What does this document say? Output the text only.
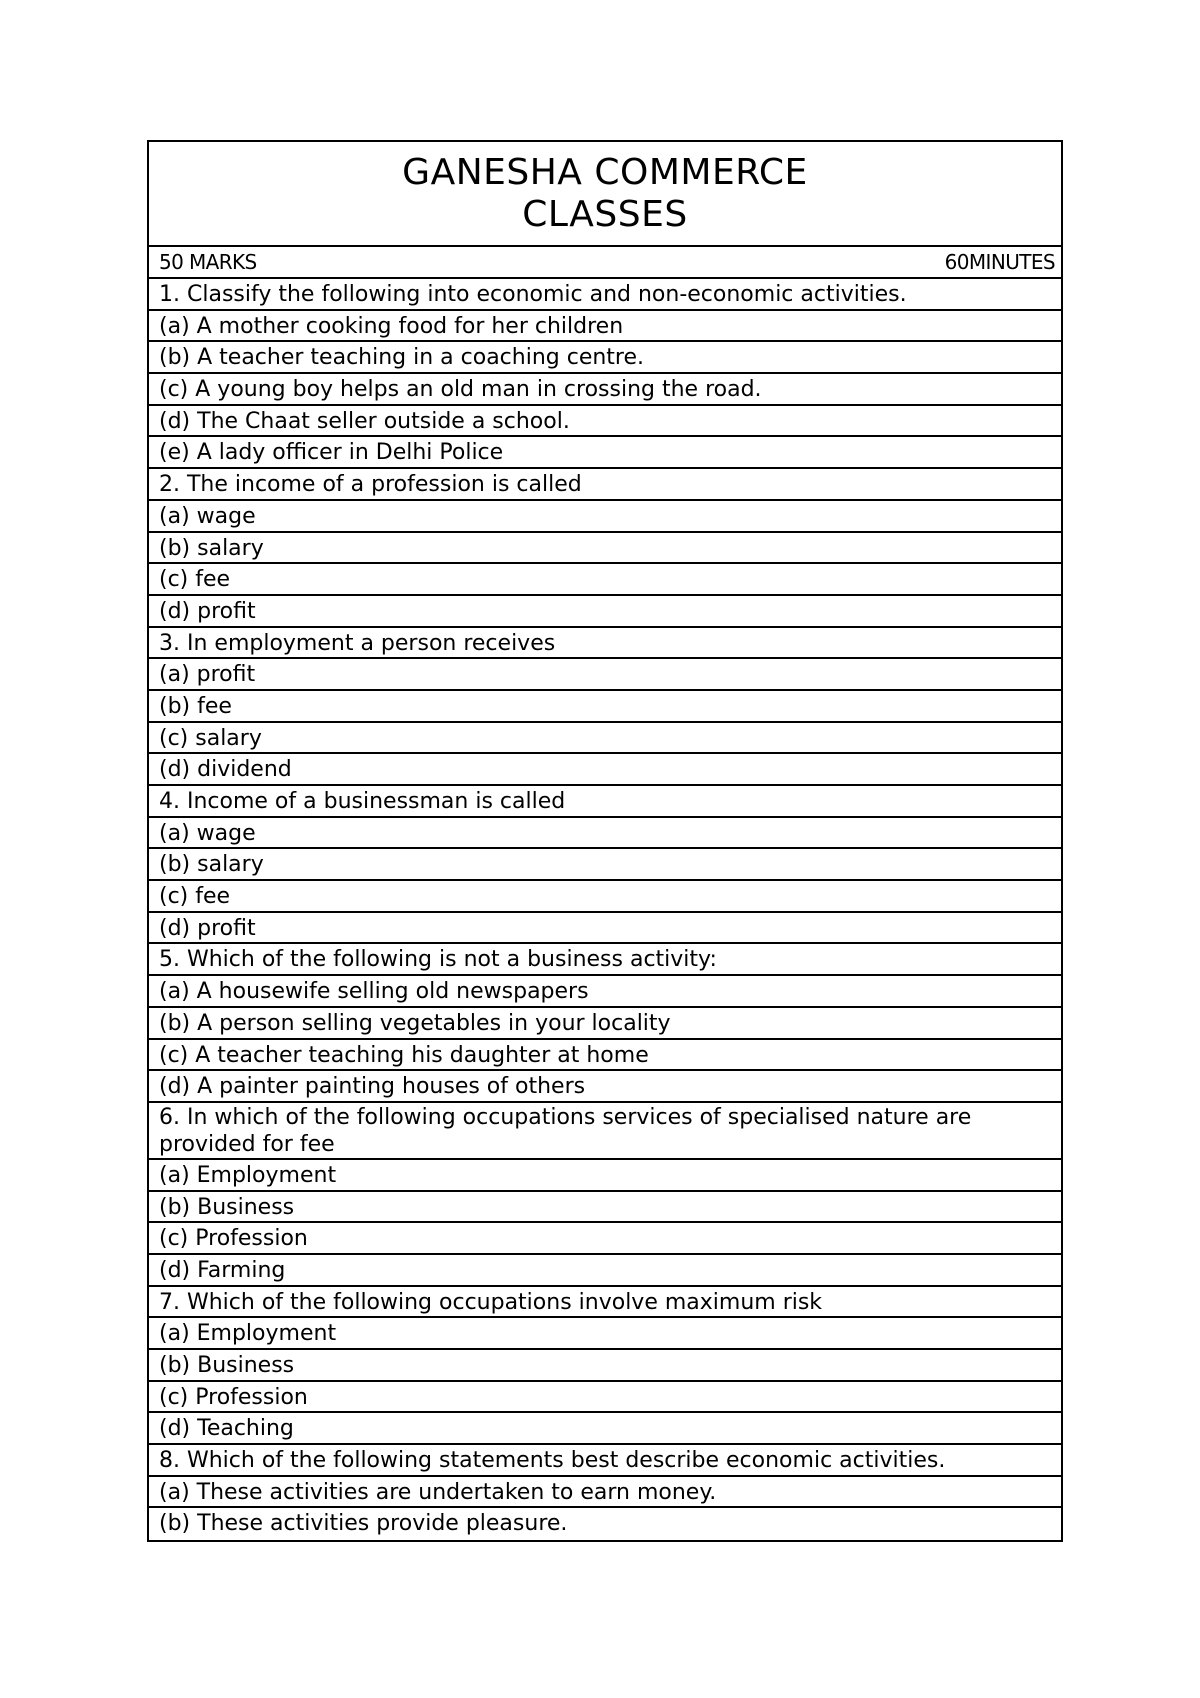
GANESHA COMMERCE
CLASSES
50 MARKS	60MINUTES
1. Classify the following into economic and non-economic activities.
(a) A mother cooking food for her children
(b) A teacher teaching in a coaching centre.
(c) A young boy helps an old man in crossing the road.
(d) The Chaat seller outside a school.
(e) A lady officer in Delhi Police
2. The income of a profession is called
(a) wage
(b) salary
(c) fee
(d) profit
3. In employment a person receives
(a) profit
(b) fee
(c) salary
(d) dividend
4. Income of a businessman is called
(a) wage
(b) salary
(c) fee
(d) profit
5. Which of the following is not a business activity:
(a) A housewife selling old newspapers
(b) A person selling vegetables in your locality
(c) A teacher teaching his daughter at home
(d) A painter painting houses of others
6. In which of the following occupations services of specialised nature are provided for fee
(a) Employment
(b) Business
(c) Profession
(d) Farming
7. Which of the following occupations involve maximum risk
(a) Employment
(b) Business
(c) Profession
(d) Teaching
8. Which of the following statements best describe economic activities.
(a) These activities are undertaken to earn money.
(b) These activities provide pleasure.
